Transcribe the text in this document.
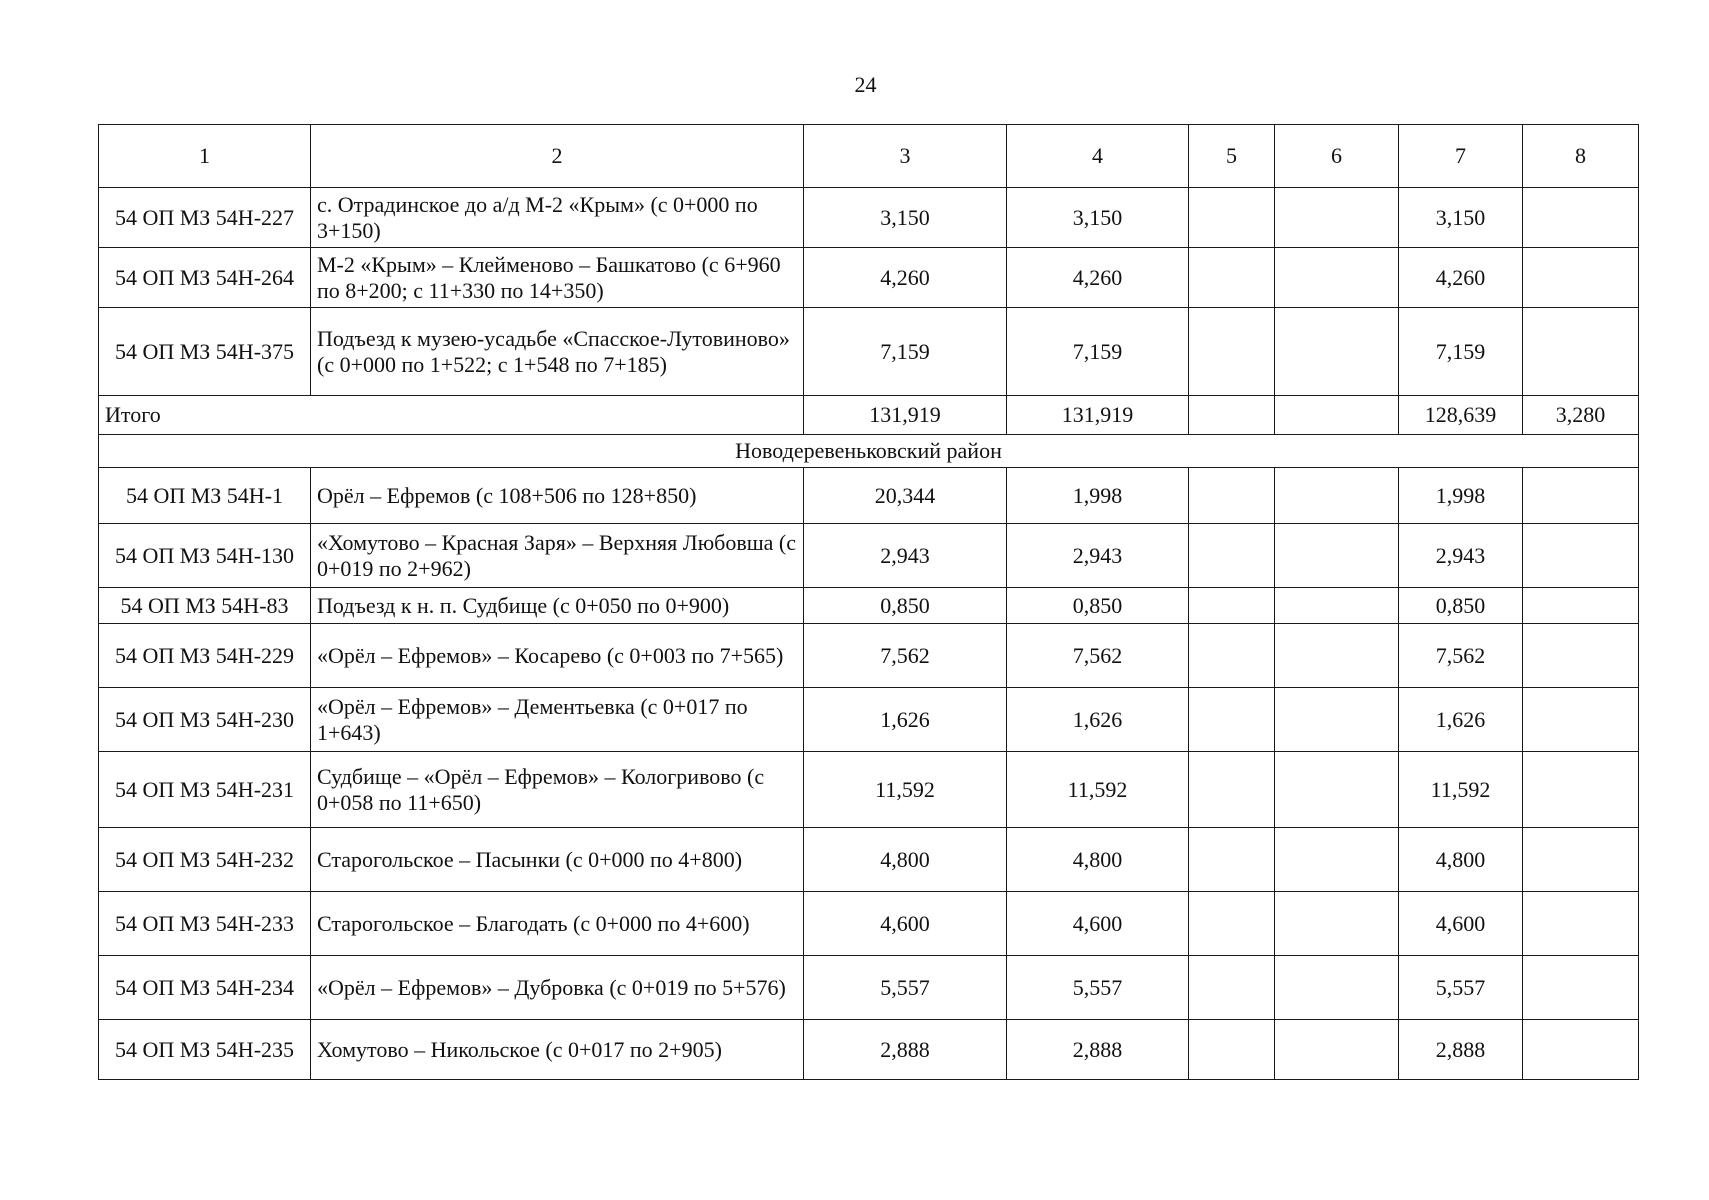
24
1	2	3	4	5	6	7	8
54 ОП МЗ 54Н-227	с. Отрадинское до а/д М-2 «Крым» (с 0+000 по 3+150)	3,150	3,150			3,150	
54 ОП МЗ 54Н-264	М-2 «Крым» – Клейменово – Башкатово (с 6+960 по 8+200; с 11+330 по 14+350)	4,260	4,260			4,260	
54 ОП МЗ 54Н-375	Подъезд к музею-усадьбе «Спасское-Лутовиново» (с 0+000 по 1+522; с 1+548 по 7+185)	7,159	7,159			7,159	
Итого		131,919	131,919			128,639	3,280
Новодеревеньковский район							
54 ОП МЗ 54Н-1	Орёл – Ефремов (с 108+506 по 128+850)	20,344	1,998			1,998	
54 ОП МЗ 54Н-130	«Хомутово – Красная Заря» – Верхняя Любовша (с 0+019 по 2+962)	2,943	2,943			2,943	
54 ОП МЗ 54Н-83	Подъезд к н. п. Судбище (с 0+050 по 0+900)	0,850	0,850			0,850	
54 ОП МЗ 54Н-229	«Орёл – Ефремов» – Косарево (с 0+003 по 7+565)	7,562	7,562			7,562	
54 ОП МЗ 54Н-230	«Орёл – Ефремов» – Дементьевка (с 0+017 по 1+643)	1,626	1,626			1,626	
54 ОП МЗ 54Н-231	Судбище – «Орёл – Ефремов» – Кологривово (с 0+058 по 11+650)	11,592	11,592			11,592	
54 ОП МЗ 54Н-232	Старогольское – Пасынки (с 0+000 по 4+800)	4,800	4,800			4,800	
54 ОП МЗ 54Н-233	Старогольское – Благодать (с 0+000 по 4+600)	4,600	4,600			4,600	
54 ОП МЗ 54Н-234	«Орёл – Ефремов» – Дубровка (с 0+019 по 5+576)	5,557	5,557			5,557	
54 ОП МЗ 54Н-235	Хомутово – Никольское (с 0+017 по 2+905)	2,888	2,888			2,888	
